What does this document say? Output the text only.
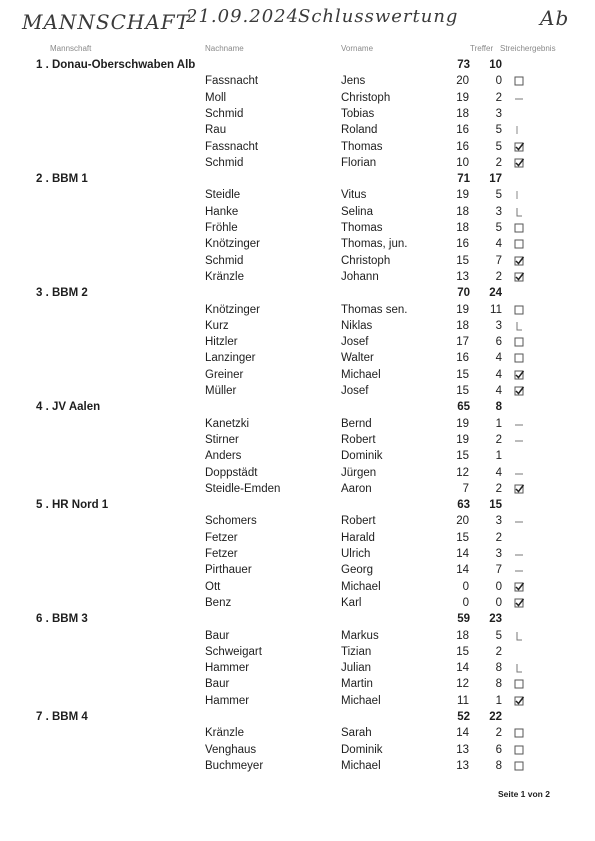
MANNSCHAFT
21.09.2024
Schlusswertung	Ab
Mannschaft	Nachname	Vorname	Treffer Streichergebnis
1 . Donau-Oberschwaben Alb	73	10
Fassnacht	Jens	20	0
Moll	Christoph	19	2
Schmid	Tobias	18	3
Rau	Roland	16	5
Fassnacht	Thomas	16	5
Schmid	Florian	10	2
2 . BBM 1	71	17
Steidle	Vitus	19	5
Hanke	Selina	18	3
Fröhle	Thomas	18	5
Knötzinger	Thomas, jun.	16	4
Schmid	Christoph	15	7
Kränzle	Johann	13	2
3 . BBM 2	70	24
Knötzinger	Thomas sen.	19	11
Kurz	Niklas	18	3
Hitzler	Josef	17	6
Lanzinger	Walter	16	4
Greiner	Michael	15	4
Müller	Josef	15	4
4 . JV Aalen	65	8
Kanetzki	Bernd	19	1
Stirner	Robert	19	2
Anders	Dominik	15	1
Doppstädt	Jürgen	12	4
Steidle-Emden	Aaron	7	2
5 . HR Nord 1	63	15
Schomers	Robert	20	3
Fetzer	Harald	15	2
Fetzer	Ulrich	14	3
Pirthauer	Georg	14	7
Ott	Michael	0	0
Benz	Karl	0	0
6 . BBM 3	59	23
Baur	Markus	18	5
Schweigart	Tizian	15	2
Hammer	Julian	14	8
Baur	Martin	12	8
Hammer	Michael	11	1
7 . BBM 4	52	22
Kränzle	Sarah	14	2
Venghaus	Dominik	13	6
Buchmeyer	Michael	13	8
Seite 1 von 2
